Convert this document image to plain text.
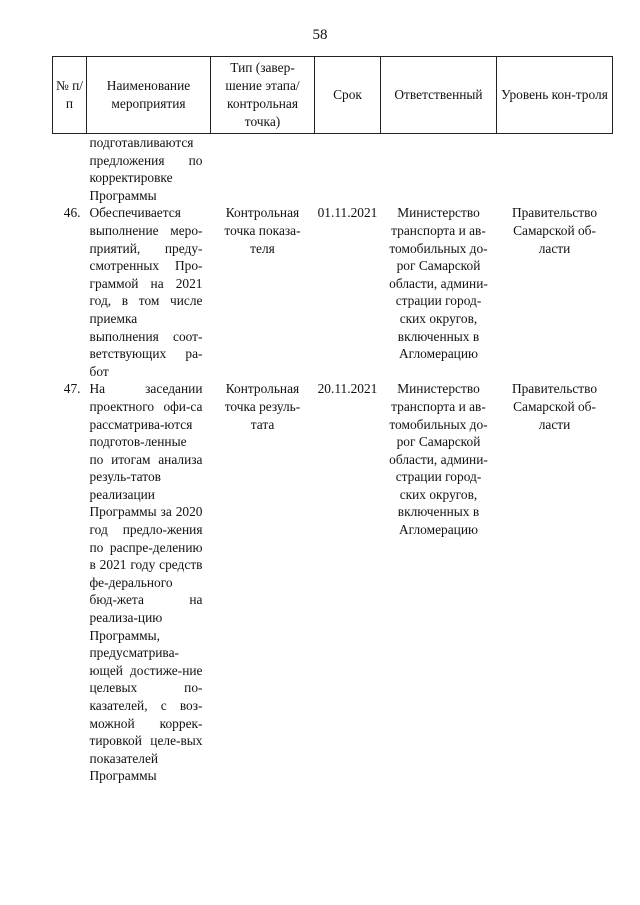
58
№ п/п	Наименование мероприятия	Тип (завер-шение этапа/ контрольная точка)	Срок	Ответственный	Уровень кон-троля
	подготавливаются предложения по корректировке Программы				
46.	Обеспечивается выполнение меро-приятий, преду-смотренных Про-граммой на 2021 год, в том числе приемка выполнения соот-ветствующих ра-бот	Контрольная точка показа-теля	01.11.2021	Министерство транспорта и ав-томобильных до-рог Самарской области, админи-страции город-ских округов, включенных в Агломерацию	Правительство Самарской об-ласти
47.	На заседании проектного офи-са рассматрива-ются подготов-ленные по итогам анализа резуль-татов реализации Программы за 2020 год предло-жения по распре-делению в 2021 году средств фе-дерального бюд-жета на реализа-цию Программы, предусматрива-ющей достиже-ние целевых по-казателей, с воз-можной коррек-тировкой целе-вых показателей Программы	Контрольная точка резуль-тата	20.11.2021	Министерство транспорта и ав-томобильных до-рог Самарской области, админи-страции город-ских округов, включенных в Агломерацию	Правительство Самарской об-ласти
